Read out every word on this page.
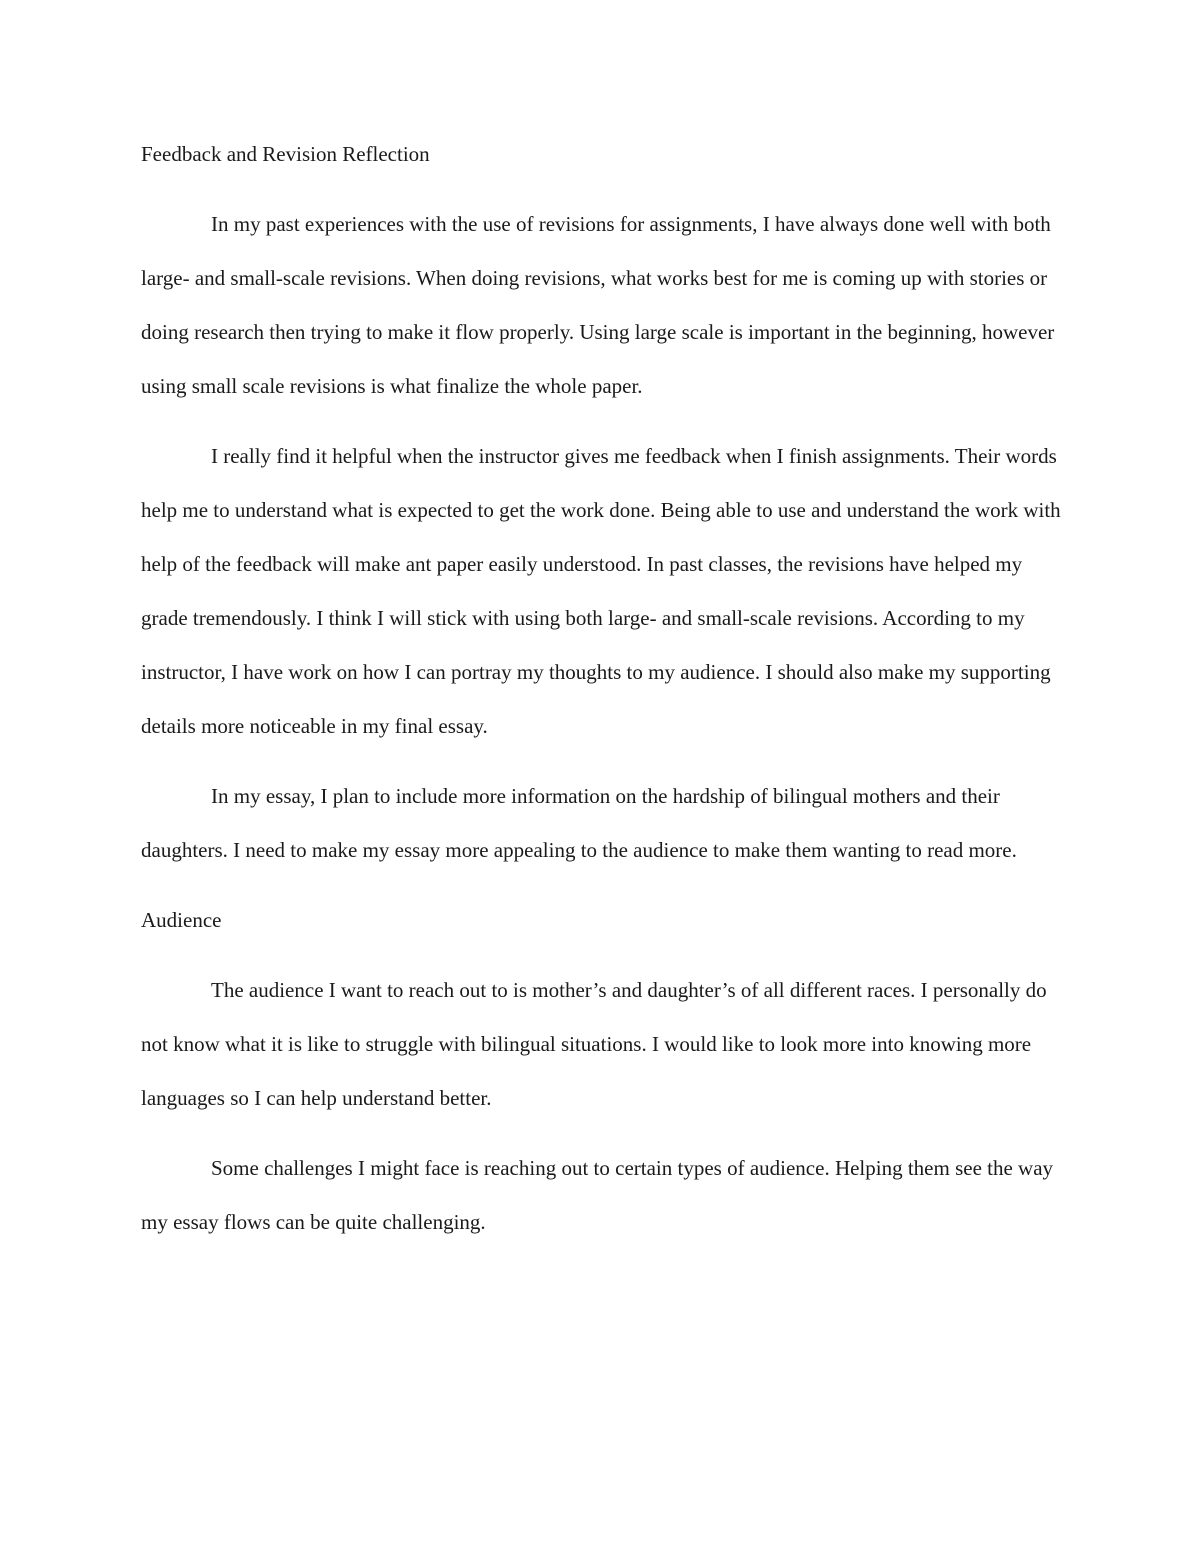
Feedback and Revision Reflection

In my past experiences with the use of revisions for assignments, I have always done well with both large- and small-scale revisions. When doing revisions, what works best for me is coming up with stories or doing research then trying to make it flow properly. Using large scale is important in the beginning, however using small scale revisions is what finalize the whole paper.

I really find it helpful when the instructor gives me feedback when I finish assignments. Their words help me to understand what is expected to get the work done. Being able to use and understand the work with help of the feedback will make ant paper easily understood. In past classes, the revisions have helped my grade tremendously. I think I will stick with using both large- and small-scale revisions. According to my instructor, I have work on how I can portray my thoughts to my audience. I should also make my supporting details more noticeable in my final essay.

In my essay, I plan to include more information on the hardship of bilingual mothers and their daughters. I need to make my essay more appealing to the audience to make them wanting to read more.

Audience

The audience I want to reach out to is mother’s and daughter’s of all different races. I personally do not know what it is like to struggle with bilingual situations. I would like to look more into knowing more languages so I can help understand better.

Some challenges I might face is reaching out to certain types of audience. Helping them see the way my essay flows can be quite challenging.
